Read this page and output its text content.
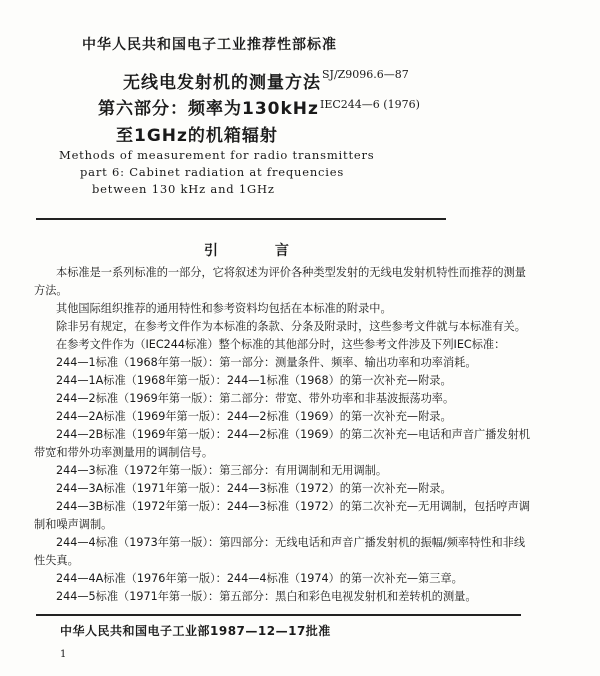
中华人民共和国电子工业推荐性部标准
无线电发射机的测量方法
第六部分：频率为130kHz
至1GHz的机箱辐射
SJ/Z9096.6—87
IEC244—6 (1976)
Methods of measurement for radio transmitters
part 6: Cabinet radiation at frequencies
between 130 kHz and 1GHz
引 言

本标准是一系列标准的一部分，它将叙述为评价各种类型发射的无线电发射机特性而推荐的测量方法。

其他国际组织推荐的通用特性和参考资料均包括在本标准的附录中。

除非另有规定，在参考文件作为本标准的条款、分条及附录时，这些参考文件就与本标准有关。

在参考文件作为（IEC244标准）整个标准的其他部分时，这些参考文件涉及下列IEC标准：

244—1标准（1968年第一版）：第一部分：测量条件、频率、输出功率和功率消耗。

244—1A标准（1968年第一版）：244—1标准（1968）的第一次补充—附录。

244—2标准（1969年第一版）：第二部分：带宽、带外功率和非基波振荡功率。

244—2A标准（1969年第一版）：244—2标准（1969）的第一次补充—附录。

244—2B标准（1969年第一版）：244—2标准（1969）的第二次补充—电话和声音广播发射机带宽和带外功率测量用的调制信号。

244—3标准（1972年第一版）：第三部分：有用调制和无用调制。

244—3A标准（1971年第一版）：244—3标准（1972）的第一次补充—附录。

244—3B标准（1972年第一版）：244—3标准（1972）的第二次补充—无用调制，包括哼声调制和噪声调制。

244—4标准（1973年第一版）：第四部分：无线电话和声音广播发射机的振幅/频率特性和非线性失真。

244—4A标准（1976年第一版）：244—4标准（1974）的第一次补充—第三章。

244—5标准（1971年第一版）：第五部分：黑白和彩色电视发射机和差转机的测量。

中华人民共和国电子工业部1987—12—17批准
1
